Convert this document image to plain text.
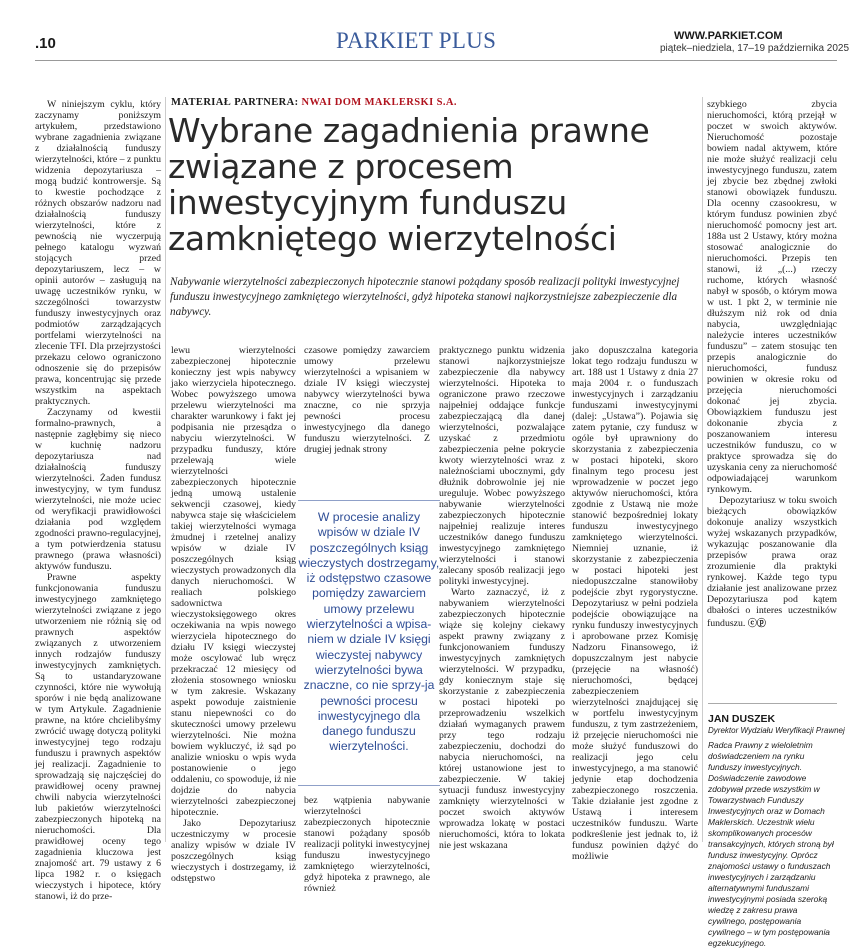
.10	PARKIET PLUS	WWW.PARKIET.COM
piątek–niedziela, 17–19 października 2025

W niniejszym cyklu, który zaczynamy poniższym artykułem, przedstawiono wybrane zagadnienia związane z działalnością funduszy wierzytelności, które – z punktu widzenia depozytariusza – mogą budzić kontrowersje. Są to kwestie pochodzące z różnych obszarów nadzoru nad działalnością funduszy wierzytelności, które z pewnością nie wyczerpują pełnego katalogu wyzwań stojących przed depozytariuszem, lecz – w opinii autorów – zasługują na uwagę uczestników rynku, w szczególności towarzystw funduszy inwestycyjnych oraz podmiotów zarządzających portfelami wierzytelności na zlecenie TFI. Dla przejrzystości przekazu celowo ograniczono odnoszenie się do przepisów prawa, koncentrując się przede wszystkim na aspektach praktycznych.

Zaczynamy od kwestii formalno-prawnych, a następnie zagłębimy się nieco w kuchnię nadzoru depozytariusza nad działalnością funduszy wierzytelności. Żaden fundusz inwestycyjny, w tym fundusz wierzytelności, nie może uciec od weryfikacji prawidłowości działania pod względem zgodności prawno-regulacyjnej, a tym potwierdzenia statusu prawnego (prawa własności) aktywów funduszu.

Prawne aspekty funkcjonowania funduszu inwestycyjnego zamkniętego wierzytelności związane z jego utworzeniem nie różnią się od prawnych aspektów związanych z utworzeniem innych rodzajów funduszy inwestycyjnych zamkniętych. Są to ustandaryzowane czynności, które nie wywołują sporów i nie będą analizowane w tym Artykule. Zagadnienie prawne, na które chcielibyśmy zwrócić uwagę dotyczą polityki inwestycyjnej tego rodzaju funduszu i prawnych aspektów jej realizacji. Zagadnienie to sprowadzają się najczęściej do prawidłowej oceny prawnej chwili nabycia wierzytelności lub pakietów wierzytelności zabezpieczonych hipoteką na nieruchomości. Dla prawidłowej oceny tego zagadnienia kluczowa jest znajomość art. 79 ustawy z 6 lipca 1982 r. o księgach wieczystych i hipotece, który stanowi, iż do prze-

MATERIAŁ PARTNERA: NWAI DOM MAKLERSKI S.A.
Wybrane zagadnienia prawne związane z procesem inwestycyjnym funduszu zamkniętego wierzytelności
Nabywanie wierzytelności zabezpieczonych hipotecznie stanowi pożądany sposób realizacji polityki inwestycyjnej funduszu inwestycyjnego zamkniętego wierzytelności, gdyż hipoteka stanowi najkorzystniejsze zabezpieczenie dla nabywcy.

lewu wierzytelności zabezpieczonej hipotecznie konieczny jest wpis nabywcy jako wierzyciela hipotecznego. Wobec powyższego umowa przelewu wierzytelności ma charakter warunkowy i fakt jej podpisania nie przesądza o nabyciu wierzytelności. W przypadku funduszy, które przelewają wiele wierzytelności zabezpieczonych hipotecznie jedną umową ustalenie sekwencji czasowej, kiedy nabywca staje się właścicielem takiej wierzytelności wymaga żmudnej i rzetelnej analizy wpisów w dziale IV poszczególnych ksiąg wieczystych prowadzonych dla danych nieruchomości. W realiach polskiego sadownictwa wieczystoksięgowego okres oczekiwania na wpis nowego wierzyciela hipotecznego do działu IV księgi wieczystej może oscylować lub wręcz przekraczać 12 miesięcy od złożenia stosownego wniosku w tym zakresie. Wskazany aspekt powoduje zaistnienie stanu niepewności co do skuteczności umowy przelewu wierzytelności. Nie można bowiem wykluczyć, iż sąd po analizie wniosku o wpis wyda postanowienie o jego oddaleniu, co spowoduje, iż nie dojdzie do nabycia wierzytelności zabezpieczonej hipotecznie.

Jako Depozytariusz uczestniczymy w procesie analizy wpisów w dziale IV poszczególnych ksiąg wieczystych i dostrzegamy, iż odstępstwo

czasowe pomiędzy zawarciem umowy przelewu wierzytelności a wpisaniem w dziale IV księgi wieczystej nabywcy wierzytelności bywa znaczne, co nie sprzyja pewności procesu inwestycyjnego dla danego funduszu wierzytelności. Z drugiej jednak strony

W procesie analizy wpisów w dziale IV poszczególnych ksiąg wieczystych dostrzegamy, iż odstępstwo czasowe pomiędzy zawarciem umowy przelewu wierzytelności a wpisa-niem w dziale IV księgi wieczystej nabywcy wierzytelności bywa znaczne, co nie sprzy-ja pewności procesu inwestycyjnego dla danego funduszu wierzytelności.

bez wątpienia nabywanie wierzytelności zabezpieczonych hipotecznie stanowi pożądany sposób realizacji polityki inwestycyjnej funduszu inwestycyjnego zamkniętego wierzytelności, gdyż hipoteka z prawnego, ale również

praktycznego punktu widzenia stanowi najkorzystniejsze zabezpieczenie dla nabywcy wierzytelności. Hipoteka to ograniczone prawo rzeczowe najpełniej oddające funkcje zabezpieczającą dla danej wierzytelności, pozwalające uzyskać z przedmiotu zabezpieczenia pełne pokrycie kwoty wierzytelności wraz z należnościami ubocznymi, gdy dłużnik dobrowolnie jej nie ureguluje. Wobec powyższego nabywanie wierzytelności zabezpieczonych hipotecznie najpełniej realizuje interes uczestników danego funduszu inwestycyjnego zamkniętego wierzytelności i stanowi zalecany sposób realizacji jego polityki inwestycyjnej.

Warto zaznaczyć, iż z nabywaniem wierzytelności zabezpieczonych hipotecznie wiąże się kolejny ciekawy aspekt prawny związany z funkcjonowaniem funduszy inwestycyjnych zamkniętych wierzytelności. W przypadku, gdy koniecznym staje się skorzystanie z zabezpieczenia w postaci hipoteki po przeprowadzeniu wszelkich działań wymaganych prawem przy tego rodzaju zabezpieczeniu, dochodzi do nabycia nieruchomości, na której ustanowione jest to zabezpieczenie. W takiej sytuacji fundusz inwestycyjny zamknięty wierzytelności w poczet swoich aktywów wprowadza lokatę w postaci nieruchomości, która to lokata nie jest wskazana

jako dopuszczalna kategoria lokat tego rodzaju funduszu w art. 188 ust 1 Ustawy z dnia 27 maja 2004 r. o funduszach inwestycyjnych i zarządzaniu funduszami inwestycyjnymi (dalej: „Ustawa”). Pojawia się zatem pytanie, czy fundusz w ogóle był uprawniony do skorzystania z zabezpieczenia w postaci hipoteki, skoro finalnym tego procesu jest wprowadzenie w poczet jego aktywów nieruchomości, która zgodnie z Ustawą nie może stanowić bezpośredniej lokaty funduszu inwestycyjnego zamkniętego wierzytelności. Niemniej uznanie, iż skorzystanie z zabezpieczenia w postaci hipoteki jest niedopuszczalne stanowiłoby podejście zbyt rygorystyczne. Depozytariusz w pełni podziela podejście obowiązujące na rynku funduszy inwestycyjnych i aprobowane przez Komisję Nadzoru Finansowego, iż dopuszczalnym jest nabycie (przejęcie na własność) nieruchomości, będącej zabezpieczeniem wierzytelności znajdującej się w portfelu inwestycyjnym funduszu, z tym zastrzeżeniem, iż przejęcie nieruchomości nie może służyć funduszowi do realizacji jego celu inwestycyjnego, a ma stanowić jedynie etap dochodzenia zabezpieczonego roszczenia. Takie działanie jest zgodne z Ustawą i interesem uczestników funduszu. Warte podkreślenie jest jednak to, iż fundusz powinien dążyć do możliwie

szybkiego zbycia nieruchomości, którą przejął w poczet w swoich aktywów. Nieruchomość pozostaje bowiem nadal aktywem, które nie może służyć realizacji celu inwestycyjnego funduszu, zatem jej zbycie bez zbędnej zwłoki stanowi obowiązek funduszu. Dla ocenny czasookresu, w którym fundusz powinien zbyć nieruchomość pomocny jest art. 188a ust 2 Ustawy, który można stosować analogicznie do nieruchomości. Przepis ten stanowi, iż „(...) rzeczy ruchome, których własność nabył w sposób, o którym mowa w ust. 1 pkt 2, w terminie nie dłuższym niż rok od dnia nabycia, uwzględniając należycie interes uczestników funduszu” – zatem stosując ten przepis analogicznie do nieruchomości, fundusz powinien w okresie roku od przejęcia nieruchomości dokonać jej zbycia. Obowiązkiem funduszu jest dokonanie zbycia z poszanowaniem interesu uczestników funduszu, co w praktyce sprowadza się do uzyskania ceny za nieruchomość odpowiadającej warunkom rynkowym.

Depozytariusz w toku swoich bieżących obowiązków dokonuje analizy wszystkich wyżej wskazanych przypadków, wykazując poszanowanie dla przepisów prawa oraz zrozumienie dla praktyki rynkowej. Każde tego typu działanie jest analizowane przez Depozytariusza pod kątem dbałości o interes uczestników funduszu. ⓒⓟ

JAN DUSZEK
Dyrektor Wydziału Weryfikacji Prawnej
Radca Prawny z wieloletnim doświadczeniem na rynku funduszy inwestycyjnych. Doświadczenie zawodowe zdobywał przede wszystkim w Towarzystwach Funduszy Inwestycyjnych oraz w Domach Maklerskich. Uczestnik wielu skomplikowanych procesów transakcyjnych, których stroną był fundusz inwestycyjny. Oprócz znajomości ustawy o funduszach inwestycyjnych i zarządzaniu alternatywnymi funduszami inwestycyjnymi posiada szeroką wiedzę z zakresu prawa cywilnego, postępowania cywilnego – w tym postępowania egzekucyjnego.
